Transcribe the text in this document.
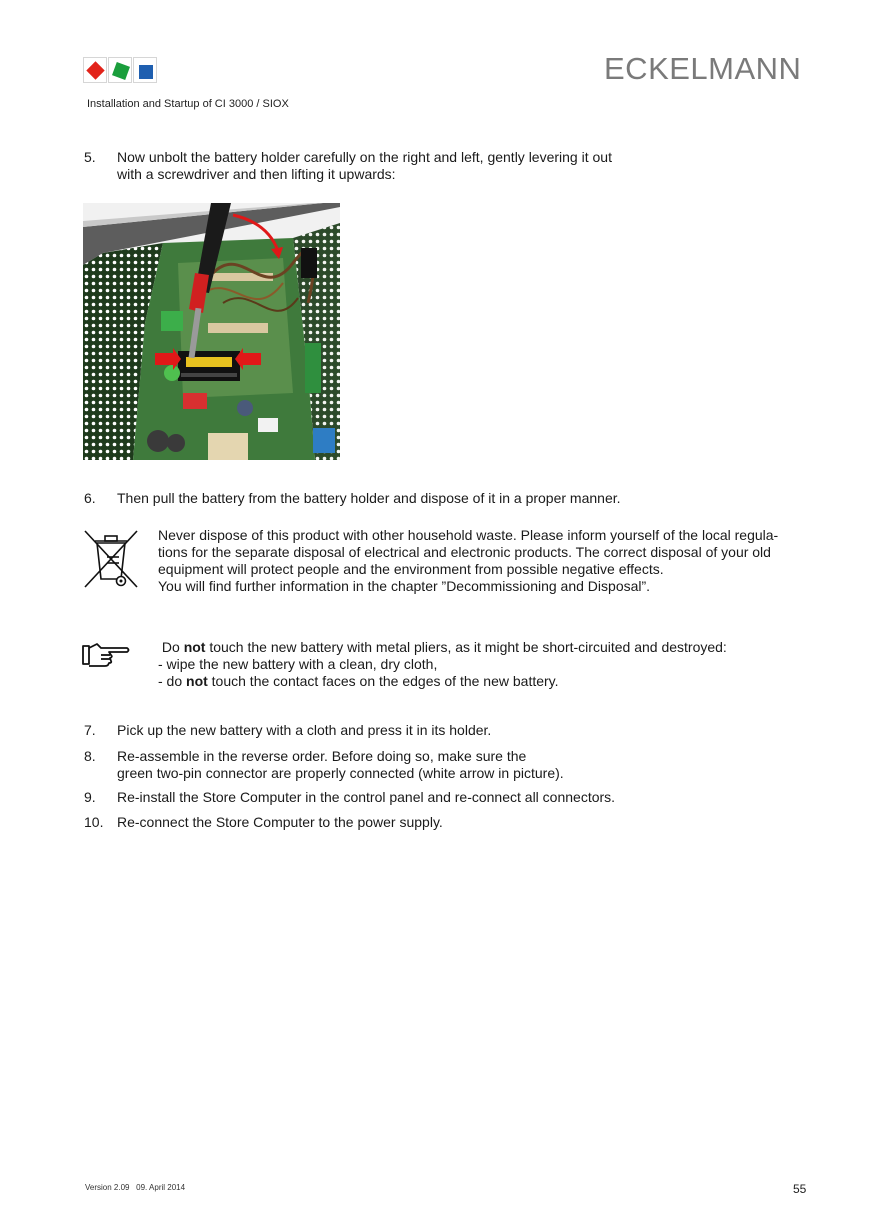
ECKELMANN
Installation and Startup of CI 3000 / SIOX
5. Now unbolt the battery holder carefully on the right and left, gently levering it out
with a screwdriver and then lifting it upwards:
6. Then pull the battery from the battery holder and dispose of it in a proper manner.
Never dispose of this product with other household waste. Please inform yourself of the local regula-
tions for the separate disposal of electrical and electronic products. The correct disposal of your old
equipment will protect people and the environment from possible negative effects.
You will find further information in the chapter ”Decommissioning and Disposal”.
Do not touch the new battery with metal pliers, as it might be short-circuited and destroyed:
- wipe the new battery with a clean, dry cloth,
- do not touch the contact faces on the edges of the new battery.
7. Pick up the new battery with a cloth and press it in its holder.
8. Re-assemble in the reverse order. Before doing so, make sure the
green two-pin connector are properly connected (white arrow in picture).
9. Re-install the Store Computer in the control panel and re-connect all connectors.
10. Re-connect the Store Computer to the power supply.
Version 2.09   09. April 2014	55
